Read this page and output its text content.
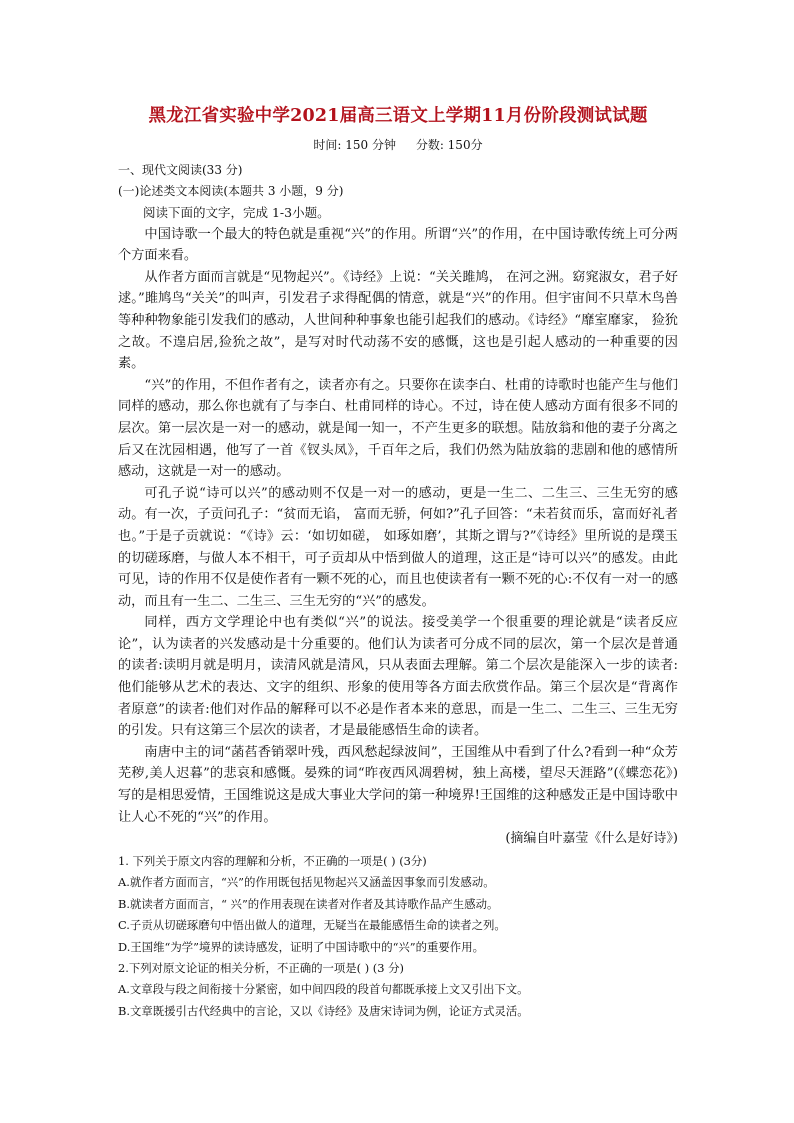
黑龙江省实验中学2021届高三语文上学期11月份阶段测试试题
时间: 150 分钟 分数: 150分

一、现代文阅读(33 分)

(一)论述类文本阅读(本题共 3 小题，9 分)

阅读下面的文字，完成 1-3小题。

中国诗歌一个最大的特色就是重视“兴”的作用。所谓“兴”的作用，在中国诗歌传统上可分两个方面来看。

从作者方面而言就是“见物起兴”。《诗经》上说：“关关雎鸠， 在河之洲。窈窕淑女，君子好逑。”雎鸠鸟“关关”的叫声，引发君子求得配偶的情意，就是“兴”的作用。但宇宙间不只草木鸟兽等种种物象能引发我们的感动，人世间种种事象也能引起我们的感动。《诗经》“靡室靡家， 猃狁之故。不遑启居,猃狁之故”，是写对时代动荡不安的感慨，这也是引起人感动的一种重要的因素。

“兴”的作用，不但作者有之，读者亦有之。只要你在读李白、杜甫的诗歌时也能产生与他们同样的感动，那么你也就有了与李白、杜甫同样的诗心。不过，诗在使人感动方面有很多不同的层次。第一层次是一对一的感动，就是闻一知一，不产生更多的联想。陆放翁和他的妻子分离之后又在沈园相遇，他写了一首《钗头凤》，千百年之后，我们仍然为陆放翁的悲剧和他的感情所感动，这就是一对一的感动。

可孔子说“诗可以兴”的感动则不仅是一对一的感动，更是一生二、二生三、三生无穷的感动。有一次，子贡问孔子：“贫而无谄， 富而无骄，何如?”孔子回答：“未若贫而乐，富而好礼者也。”于是子贡就说：“《诗》云：‘如切如磋， 如琢如磨’，其斯之谓与?”《诗经》里所说的是璞玉的切磋琢磨，与做人本不相干，可子贡却从中悟到做人的道理，这正是“诗可以兴”的感发。由此可见，诗的作用不仅是使作者有一颗不死的心，而且也使读者有一颗不死的心:不仅有一对一的感动，而且有一生二、二生三、三生无穷的“兴”的感发。

同样，西方文学理论中也有类似“兴”的说法。接受美学一个很重要的理论就是“读者反应论”，认为读者的兴发感动是十分重要的。他们认为读者可分成不同的层次，第一个层次是普通的读者:读明月就是明月，读清风就是清风，只从表面去理解。第二个层次是能深入一步的读者:他们能够从艺术的表达、文字的组织、形象的使用等各方面去欣赏作品。第三个层次是“背离作者原意”的读者:他们对作品的解释可以不必是作者本来的意思，而是一生二、二生三、三生无穷的引发。只有这第三个层次的读者，才是最能感悟生命的读者。

南唐中主的词“菡萏香销翠叶残，西风愁起绿波间”，王国维从中看到了什么?看到一种“众芳芜秽,美人迟暮”的悲哀和感慨。晏殊的词“昨夜西风凋碧树，独上高楼，望尽天涯路”(《蝶恋花》)写的是相思爱情，王国维说这是成大事业大学问的第一种境界!王国维的这种感发正是中国诗歌中让人心不死的“兴”的作用。

(摘编自叶嘉莹《什么是好诗》)

1. 下列关于原文内容的理解和分析，不正确的一项是( ) (3分)

A.就作者方面而言，“兴”的作用既包括见物起兴又涵盖因事象而引发感动。

B.就读者方面而言，“ 兴”的作用表现在读者对作者及其诗歌作品产生感动。

C.子贡从切磋琢磨句中悟出做人的道理，无疑当在最能感悟生命的读者之列。

D.王国维“为学”境界的读诗感发，证明了中国诗歌中的“兴”的重要作用。

2.下列对原文论证的相关分析，不正确的一项是( ) (3 分)

A.文章段与段之间衔接十分紧密，如中间四段的段首句都既承接上文又引出下文。

B.文章既援引古代经典中的言论，又以《诗经》及唐宋诗词为例，论证方式灵活。
